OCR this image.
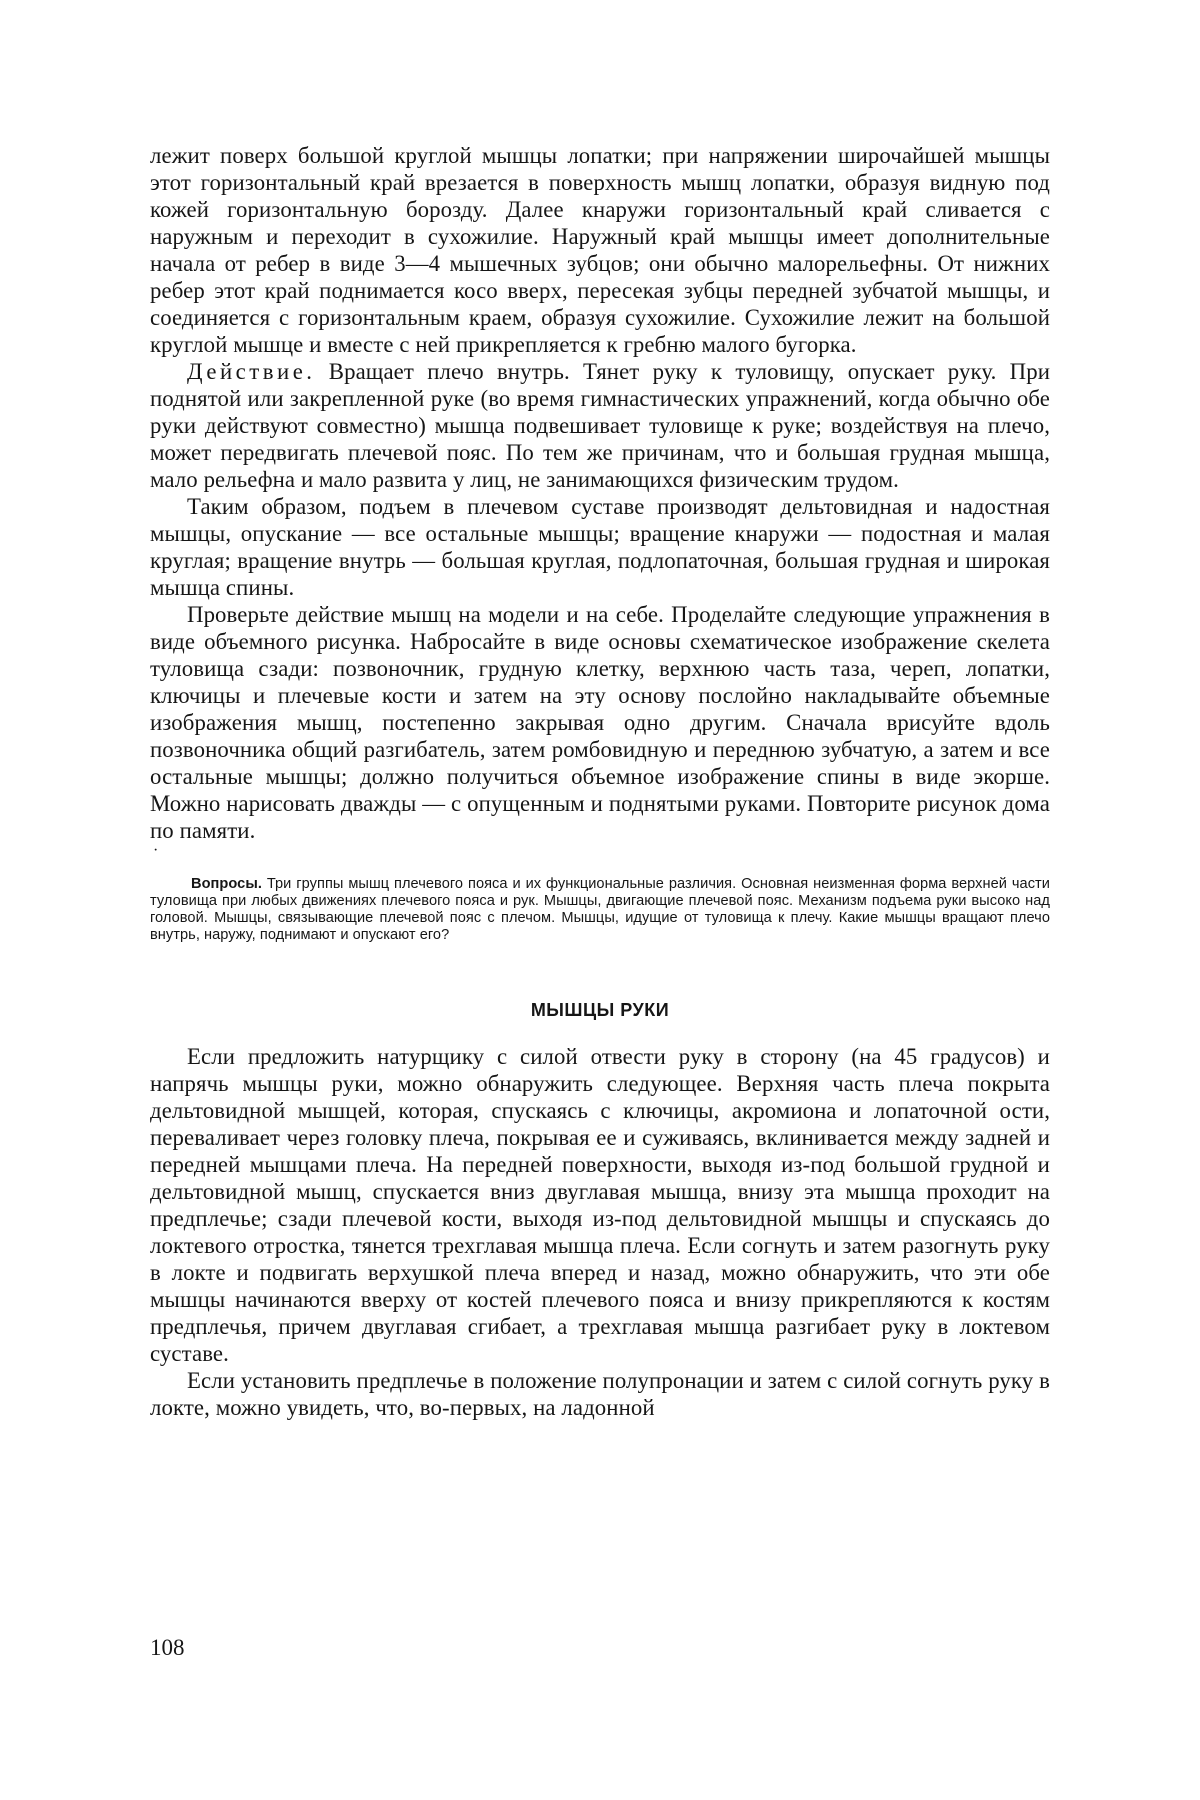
лежит поверх большой круглой мышцы лопатки; при напряжении широчайшей мышцы этот горизонтальный край врезается в поверхность мышц лопатки, образуя видную под кожей горизонтальную борозду. Далее кнаружи горизонтальный край сливается с наружным и переходит в сухожилие. Наружный край мышцы имеет дополнительные начала от ребер в виде 3—4 мышечных зубцов; они обычно малорельефны. От нижних ребер этот край поднимается косо вверх, пересекая зубцы передней зубчатой мышцы, и соединяется с горизонтальным краем, образуя сухожилие. Сухожилие лежит на большой круглой мышце и вместе с ней прикрепляется к гребню малого бугорка.

Действие. Вращает плечо внутрь. Тянет руку к туловищу, опускает руку. При поднятой или закрепленной руке (во время гимнастических упражнений, когда обычно обе руки действуют совместно) мышца подвешивает туловище к руке; воздействуя на плечо, может передвигать плечевой пояс. По тем же причинам, что и большая грудная мышца, мало рельефна и мало развита у лиц, не занимающихся физическим трудом.

Таким образом, подъем в плечевом суставе производят дельтовидная и надостная мышцы, опускание — все остальные мышцы; вращение кнаружи — подостная и малая круглая; вращение внутрь — большая круглая, подлопаточная, большая грудная и широкая мышца спины.

Проверьте действие мышц на модели и на себе. Проделайте следующие упражнения в виде объемного рисунка. Набросайте в виде основы схематическое изображение скелета туловища сзади: позвоночник, грудную клетку, верхнюю часть таза, череп, лопатки, ключицы и плечевые кости и затем на эту основу послойно накладывайте объемные изображения мышц, постепенно закрывая одно другим. Сначала врисуйте вдоль позвоночника общий разгибатель, затем ромбовидную и переднюю зубчатую, а затем и все остальные мышцы; должно получиться объемное изображение спины в виде экорше. Можно нарисовать дважды — с опущенным и поднятыми руками. Повторите рисунок дома по памяти.

·

Вопросы. Три группы мышц плечевого пояса и их функциональные различия. Основная неизменная форма верхней части туловища при любых движениях плечевого пояса и рук. Мышцы, двигающие плечевой пояс. Механизм подъема руки высоко над головой. Мышцы, связывающие плечевой пояс с плечом. Мышцы, идущие от туловища к плечу. Какие мышцы вращают плечо внутрь, наружу, поднимают и опускают его?

МЫШЦЫ РУКИ

Если предложить натурщику с силой отвести руку в сторону (на 45 градусов) и напрячь мышцы руки, можно обнаружить следующее. Верхняя часть плеча покрыта дельтовидной мышцей, которая, спускаясь с ключицы, акромиона и лопаточной ости, переваливает через головку плеча, покрывая ее и суживаясь, вклинивается между задней и передней мышцами плеча. На передней поверхности, выходя из-под большой грудной и дельтовидной мышц, спускается вниз двуглавая мышца, внизу эта мышца проходит на предплечье; сзади плечевой кости, выходя из-под дельтовидной мышцы и спускаясь до локтевого отростка, тянется трехглавая мышца плеча. Если согнуть и затем разогнуть руку в локте и подвигать верхушкой плеча вперед и назад, можно обнаружить, что эти обе мышцы начинаются вверху от костей плечевого пояса и внизу прикрепляются к костям предплечья, причем двуглавая сгибает, а трехглавая мышца разгибает руку в локтевом суставе.

Если установить предплечье в положение полупронации и затем с силой согнуть руку в локте, можно увидеть, что, во-первых, на ладонной

108
